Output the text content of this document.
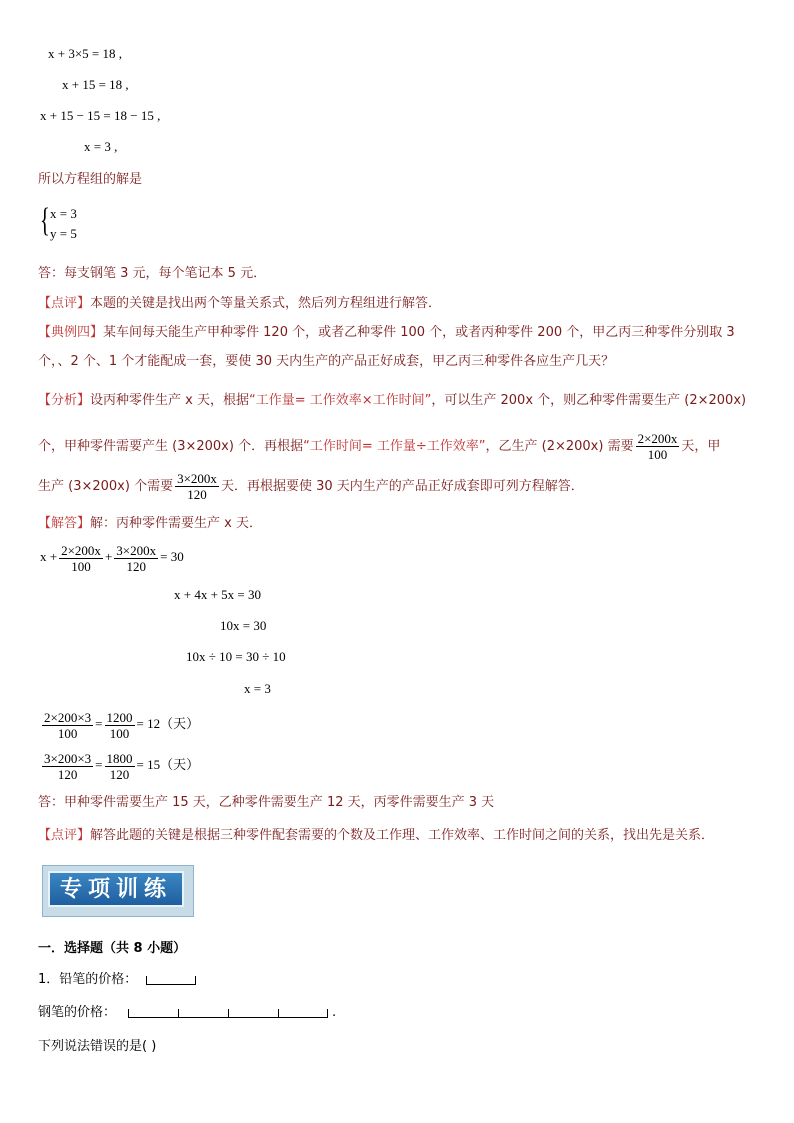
x + 3×5 = 18 ,
x + 15 = 18 ,
x + 15 − 15 = 18 − 15 ,
x = 3 ,
所以方程组的解是
{ x = 3
y = 5
答：每支钢笔 3 元，每个笔记本 5 元．
【点评】本题的关键是找出两个等量关系式，然后列方程组进行解答．
【典例四】某车间每天能生产甲种零件 120 个，或者乙种零件 100 个，或者丙种零件 200 个，甲乙丙三种零件分别取 3
个，、2 个、1 个才能配成一套，要使 30 天内生产的产品正好成套，甲乙丙三种零件各应生产几天？
【分析】设丙种零件生产 x 天，根据“工作量= 工作效率×工作时间”，可以生产 200x 个，则乙种零件需要生产 (2×200x)
个，甲种零件需要产生 (3×200x) 个．再根据“工作时间= 工作量÷工作效率”，乙生产 (2×200x) 需要 $\frac{2\times 200x}{100}$ 天，甲
生产 (3×200x) 个需要 $\frac{3\times 200x}{120}$ 天．再根据要使 30 天内生产的产品正好成套即可列方程解答．
【解答】解：丙种零件需要生产 x 天．
$x + \frac{2\times 200x}{100} + \frac{3\times 200x}{120} = 30$
x + 4x + 5x = 30
10x = 30
10x ÷ 10 = 30 ÷ 10
x = 3
$\frac{2\times 200\times 3}{100} = \frac{1200}{100} = 12$（天）
$\frac{3\times 200\times 3}{120} = \frac{1800}{120} = 15$（天）
答：甲种零件需要生产 15 天，乙种零件需要生产 12 天，丙零件需要生产 3 天
【点评】解答此题的关键是根据三种零件配套需要的个数及工作理、工作效率、工作时间之间的关系，找出先是关系．
专项训练
一．选择题（共 8 小题）
1．铅笔的价格：
钢笔的价格：	.
下列说法错误的是( )
